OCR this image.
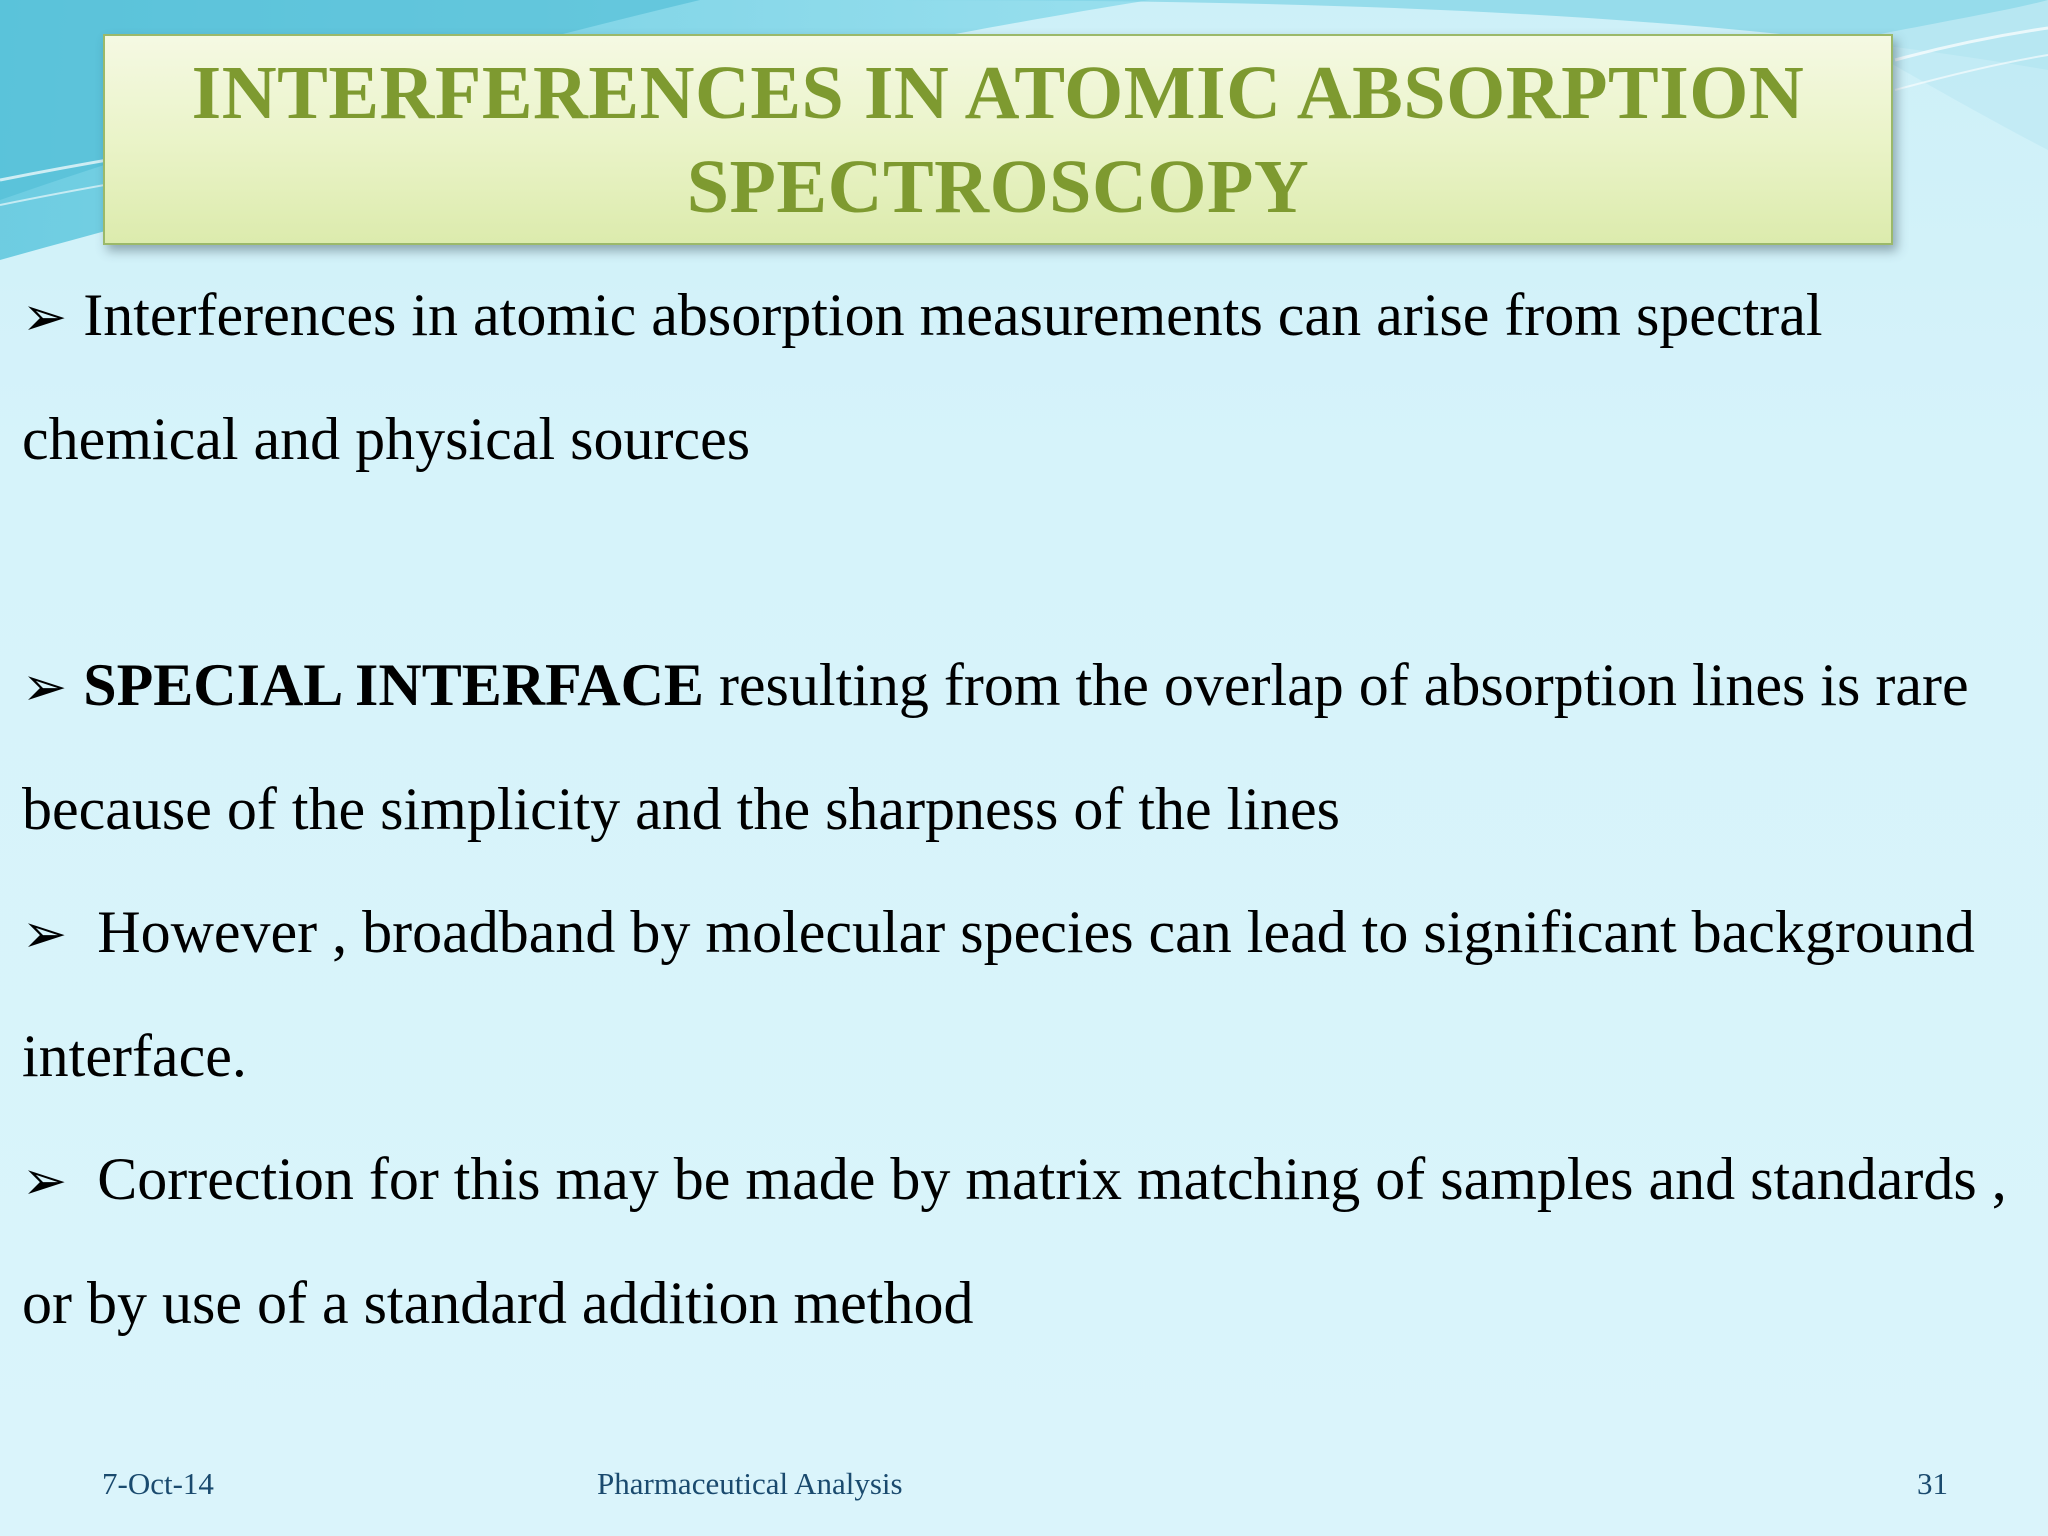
INTERFERENCES IN ATOMIC ABSORPTION
SPECTROSCOPY

➢ Interferences in atomic absorption measurements can arise from spectral chemical and physical sources

➢ SPECIAL INTERFACE resulting from the overlap of absorption lines is rare because of the simplicity and the sharpness of the lines

➢ However , broadband by molecular species can lead to significant background interface.

➢ Correction for this may be made by matrix matching of samples and standards , or by use of a standard addition method

7-Oct-14	Pharmaceutical Analysis	31
